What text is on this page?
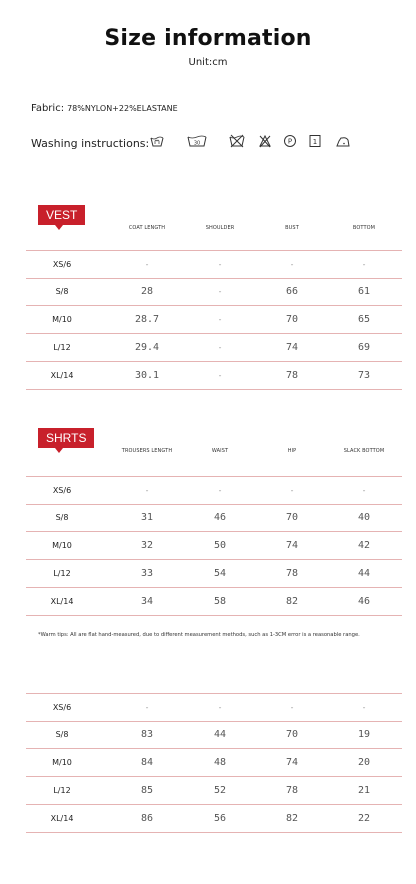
Size information
Unit:cm
Fabric: 78%NYLON+22%ELASTANE
Washing instructions:	30	P	1
VEST
COAT LENGTH	SHOULDER	BUST	BOTTOM
XS/6	-	-	-	-
S/8	28	-	66	61
M/10	28.7	-	70	65
L/12	29.4	-	74	69
XL/14	30.1	-	78	73
SHRTS
TROUSERS LENGTH	WAIST	HIP	SLACK BOTTOM
XS/6	-	-	-	-
S/8	31	46	70	40
M/10	32	50	74	42
L/12	33	54	78	44
XL/14	34	58	82	46
*Warm tips: All are flat hand-measured, due to different measurement methods, such as 1-3CM error is a reasonable range.
XS/6	-	-	-	-
S/8	83	44	70	19
M/10	84	48	74	20
L/12	85	52	78	21
XL/14	86	56	82	22
